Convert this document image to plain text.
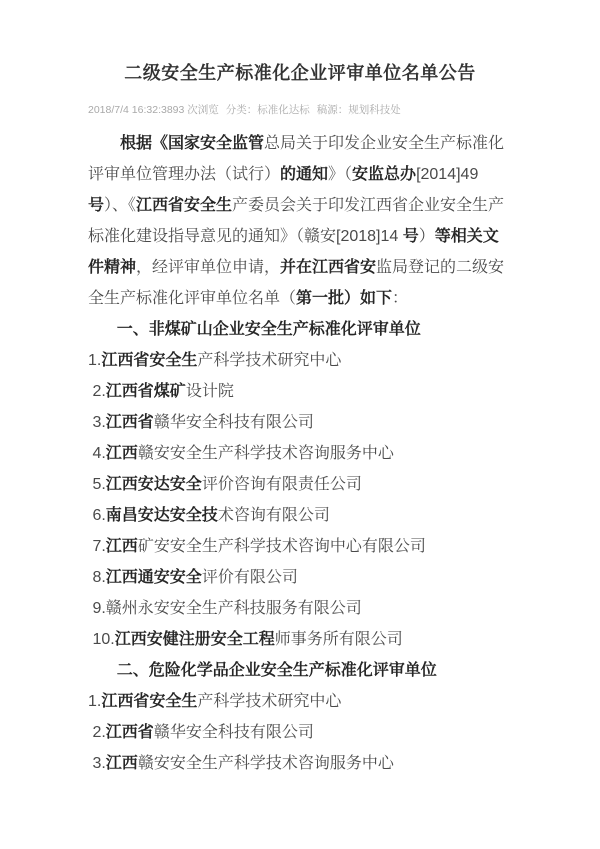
二级安全生产标准化企业评审单位名单公告
2018/7/4 16:32:3893 次浏览 分类：标准化达标 稿源：规划科技处

根据《国家安全监管总局关于印发企业安全生产标准化评审单位管理办法（试行）的通知》（安监总办[2014]49号）、《江西省安全生产委员会关于印发江西省企业安全生产标准化建设指导意见的通知》（赣安[2018]14 号）等相关文件精神，经评审单位申请，并在江西省安监局登记的二级安全生产标准化评审单位名单（第一批）如下：

一、非煤矿山企业安全生产标准化评审单位

1.江西省安全生产科学技术研究中心

2.江西省煤矿设计院

3.江西省赣华安全科技有限公司

4.江西赣安安全生产科学技术咨询服务中心

5.江西安达安全评价咨询有限责任公司

6.南昌安达安全技术咨询有限公司

7.江西矿安安全生产科学技术咨询中心有限公司

8.江西通安安全评价有限公司

9.赣州永安安全生产科技服务有限公司

10.江西安健注册安全工程师事务所有限公司

二、危险化学品企业安全生产标准化评审单位

1.江西省安全生产科学技术研究中心

2.江西省赣华安全科技有限公司

3.江西赣安安全生产科学技术咨询服务中心
